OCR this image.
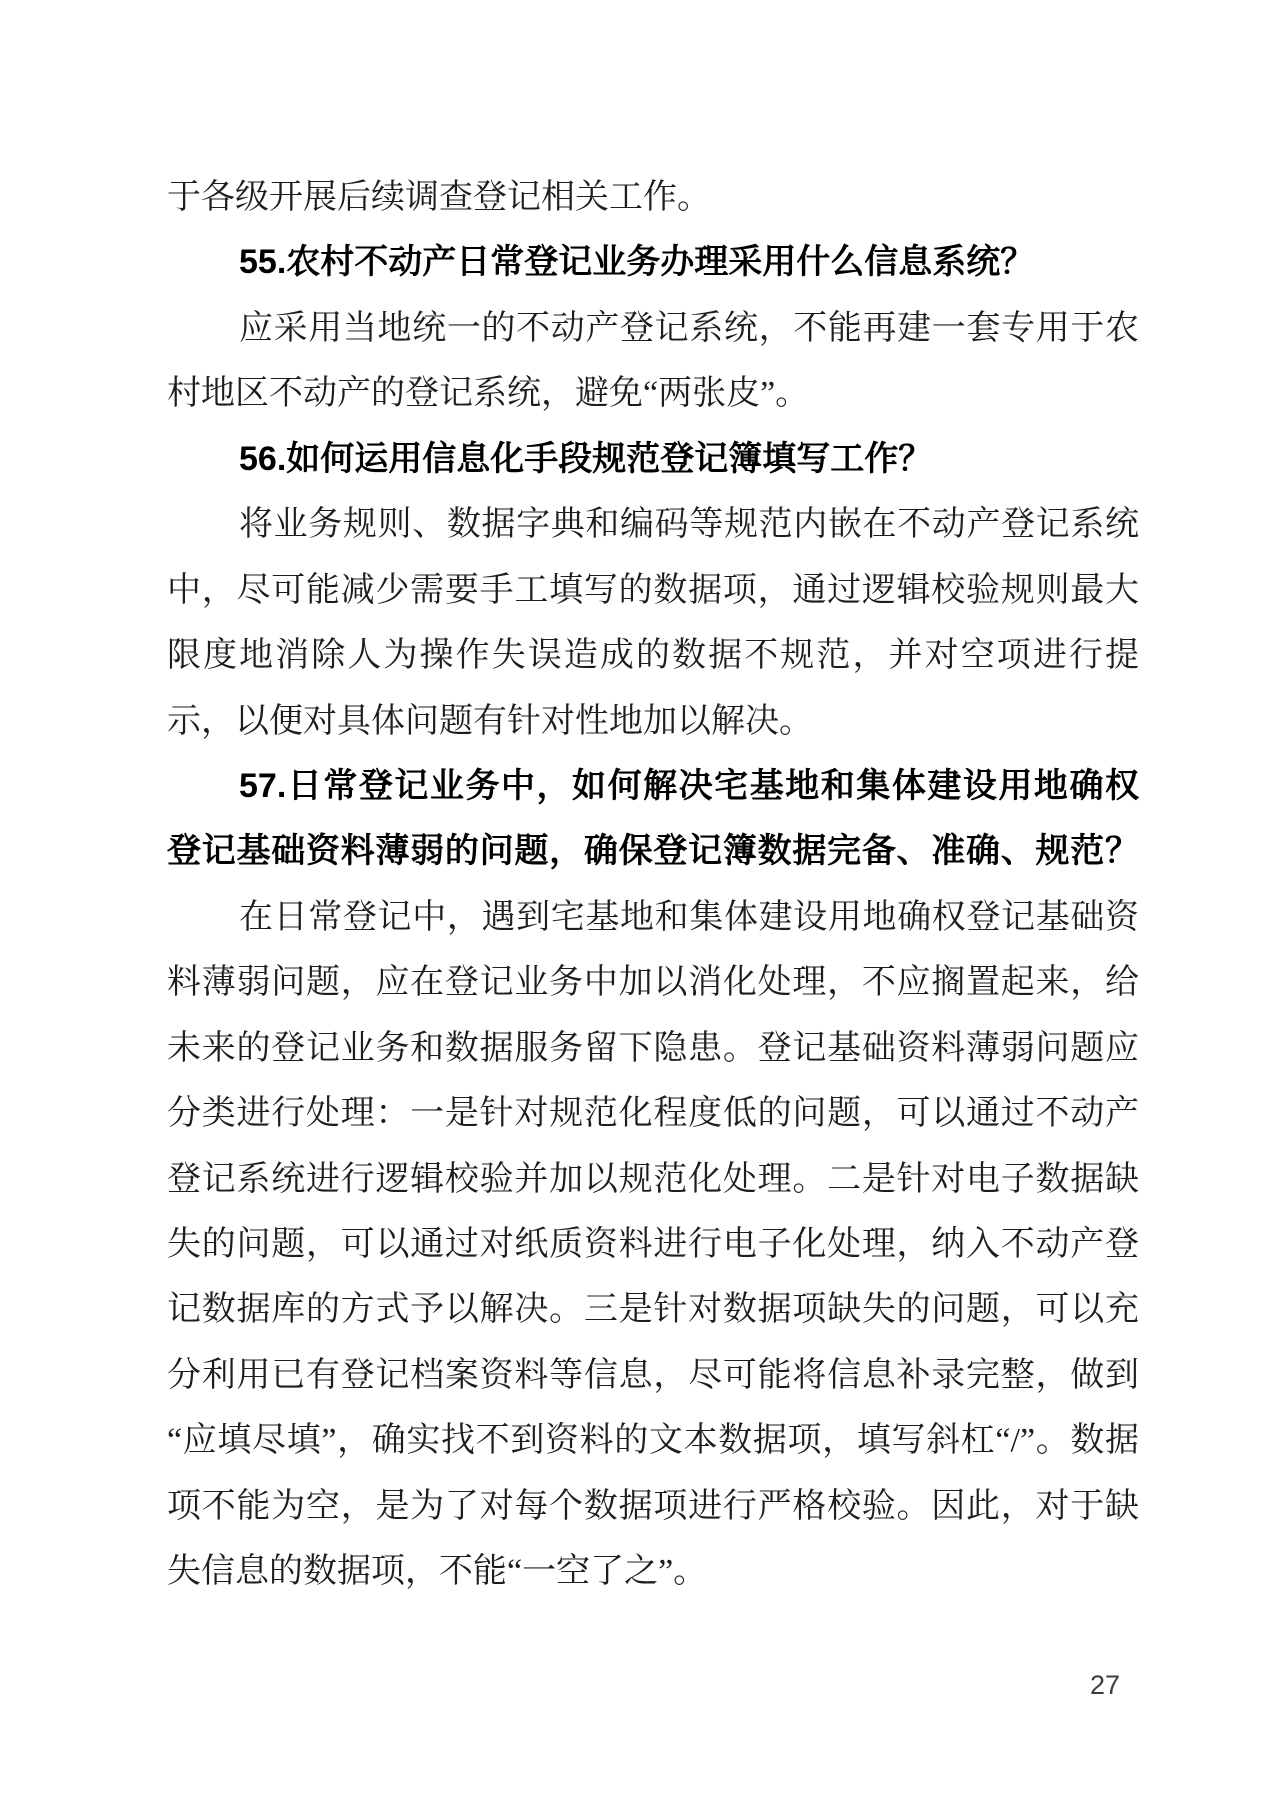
于各级开展后续调查登记相关工作。
55.农村不动产日常登记业务办理采用什么信息系统？
应采用当地统一的不动产登记系统，不能再建一套专用于农
村地区不动产的登记系统，避免“两张皮”。
56.如何运用信息化手段规范登记簿填写工作？
将业务规则、数据字典和编码等规范内嵌在不动产登记系统
中，尽可能减少需要手工填写的数据项，通过逻辑校验规则最大
限度地消除人为操作失误造成的数据不规范，并对空项进行提
示，以便对具体问题有针对性地加以解决。
57.日常登记业务中，如何解决宅基地和集体建设用地确权
登记基础资料薄弱的问题，确保登记簿数据完备、准确、规范？
在日常登记中，遇到宅基地和集体建设用地确权登记基础资
料薄弱问题，应在登记业务中加以消化处理，不应搁置起来，给
未来的登记业务和数据服务留下隐患。登记基础资料薄弱问题应
分类进行处理：一是针对规范化程度低的问题，可以通过不动产
登记系统进行逻辑校验并加以规范化处理。二是针对电子数据缺
失的问题，可以通过对纸质资料进行电子化处理，纳入不动产登
记数据库的方式予以解决。三是针对数据项缺失的问题，可以充
分利用已有登记档案资料等信息，尽可能将信息补录完整，做到
“应填尽填”，确实找不到资料的文本数据项，填写斜杠“/”。数据
项不能为空，是为了对每个数据项进行严格校验。因此，对于缺
失信息的数据项，不能“一空了之”。
27
